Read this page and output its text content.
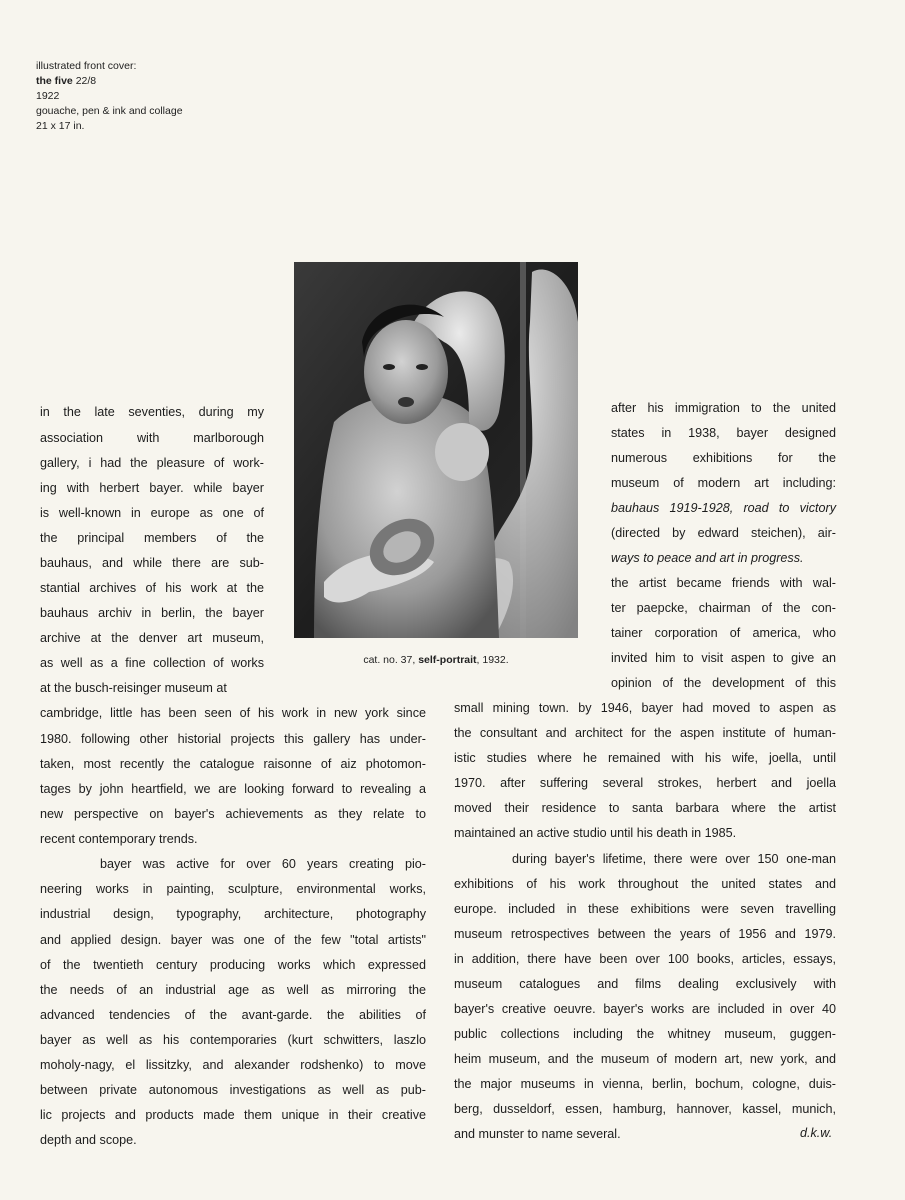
illustrated front cover:
the five 22/8
1922
gouache, pen & ink and collage
21 x 17 in.
cat. no. 37, self-portrait, 1932.
in the late seventies, during my
association with marlborough
gallery, i had the pleasure of work-
ing with herbert bayer. while bayer
is well-known in europe as one of
the principal members of the
bauhaus, and while there are sub-
stantial archives of his work at the
bauhaus archiv in berlin, the bayer
archive at the denver art museum,
as well as a fine collection of works
at the busch-reisinger museum at
cambridge, little has been seen of his work in new york since
1980. following other historial projects this gallery has under-
taken, most recently the catalogue raisonne of aiz photomon-
tages by john heartfield, we are looking forward to revealing a
new perspective on bayer's achievements as they relate to
recent contemporary trends.
bayer was active for over 60 years creating pio-
neering works in painting, sculpture, environmental works,
industrial design, typography, architecture, photography
and applied design. bayer was one of the few "total artists"
of the twentieth century producing works which expressed
the needs of an industrial age as well as mirroring the
advanced tendencies of the avant-garde. the abilities of
bayer as well as his contemporaries (kurt schwitters, laszlo
moholy-nagy, el lissitzky, and alexander rodshenko) to move
between private autonomous investigations as well as pub-
lic projects and products made them unique in their creative
depth and scope.
after his immigration to the united
states in 1938, bayer designed
numerous exhibitions for the
museum of modern art including:
bauhaus 1919-1928, road to victory
(directed by edward steichen), air-
ways to peace and art in progress.
the artist became friends with wal-
ter paepcke, chairman of the con-
tainer corporation of america, who
invited him to visit aspen to give an
opinion of the development of this
small mining town. by 1946, bayer had moved to aspen as
the consultant and architect for the aspen institute of human-
istic studies where he remained with his wife, joella, until
1970. after suffering several strokes, herbert and joella
moved their residence to santa barbara where the artist
maintained an active studio until his death in 1985.
during bayer's lifetime, there were over 150 one-man
exhibitions of his work throughout the united states and
europe. included in these exhibitions were seven travelling
museum retrospectives between the years of 1956 and 1979.
in addition, there have been over 100 books, articles, essays,
museum catalogues and films dealing exclusively with
bayer's creative oeuvre. bayer's works are included in over 40
public collections including the whitney museum, guggen-
heim museum, and the museum of modern art, new york, and
the major museums in vienna, berlin, bochum, cologne, duis-
berg, dusseldorf, essen, hamburg, hannover, kassel, munich,
and munster to name several.	d.k.w.
